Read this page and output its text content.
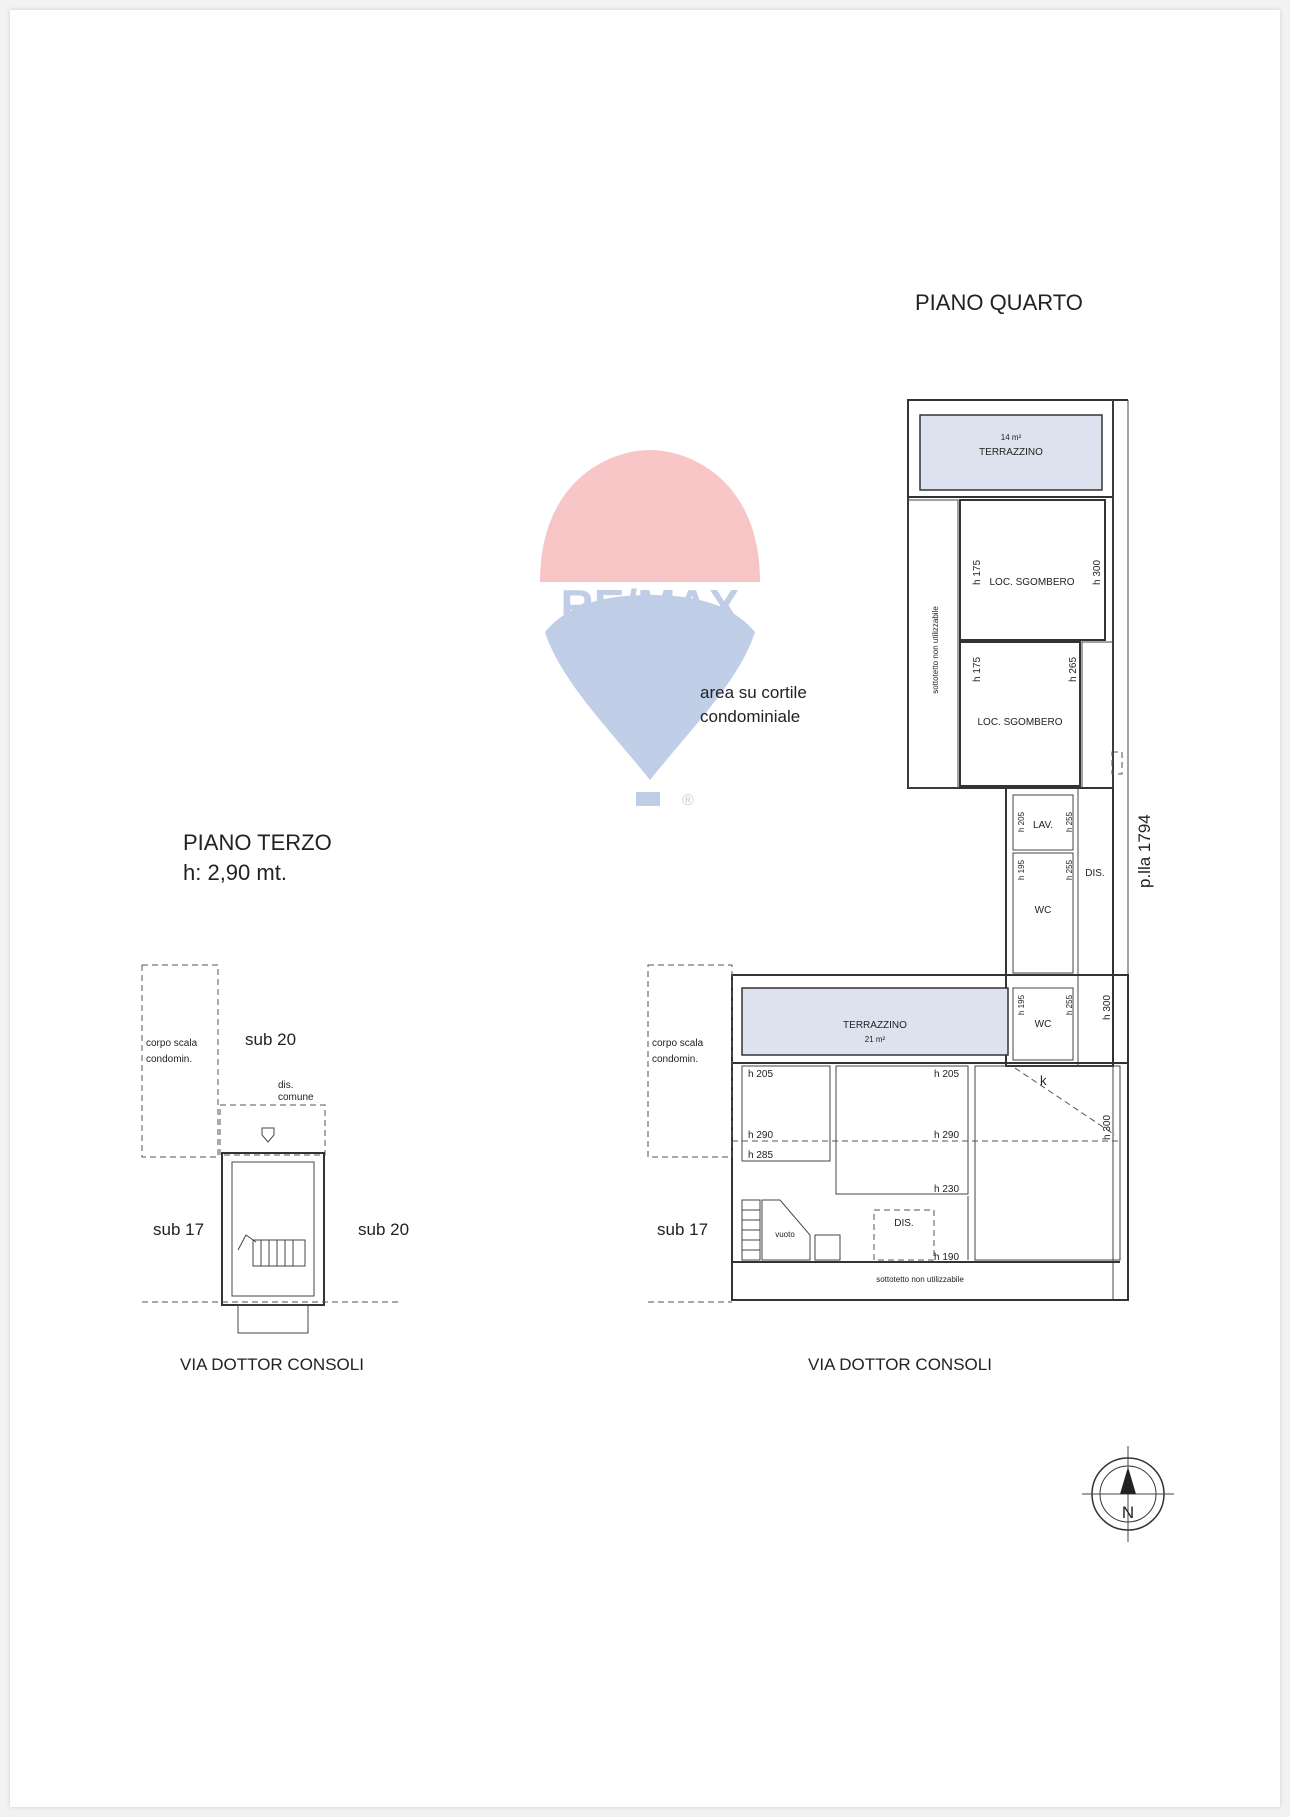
RE/MAX
®
PIANO QUARTO
PIANO TERZO
h: 2,90 mt.
area su cortile
condominiale
14 m²
TERRAZZINO
sottotetto non utilizzabile
LOC. SGOMBERO
h 175	h 300
LOC. SGOMBERO
h 175	h 265
LAV.
h 205	h 255
WC
h 195	h 255 DIS.
WC
h 195	h 255	h 300
p.lla 1794
TERRAZZINO
21 m²
k
h 300
h 205	h 205
h 290	h 290
h 285
h 230
vuoto
DIS.
h 190
sottotetto non utilizzabile
corpo scala
condomin.
sub 17
VIA DOTTOR CONSOLI
corpo scala
condomin.
sub 20
dis.
comune
sub 17	sub 20
VIA DOTTOR CONSOLI
N
